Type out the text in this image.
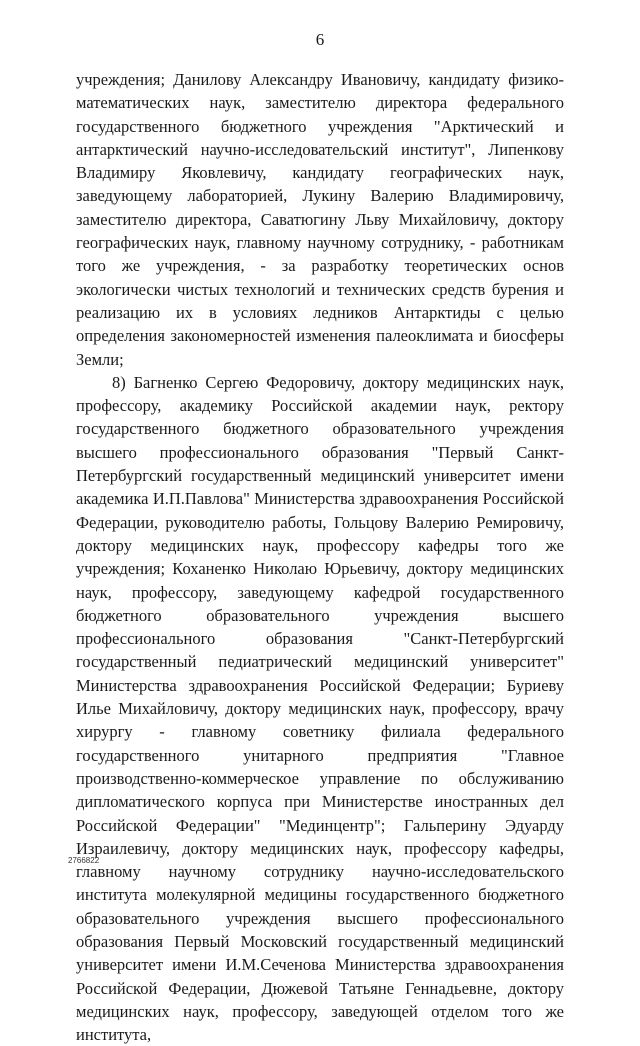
6

учреждения; Данилову Александру Ивановичу, кандидату физико-математических наук, заместителю директора федерального государственного бюджетного учреждения "Арктический и антарктический научно-исследовательский институт", Липенкову Владимиру Яковлевичу, кандидату географических наук, заведующему лабораторией, Лукину Валерию Владимировичу, заместителю директора, Саватюгину Льву Михайловичу, доктору географических наук, главному научному сотруднику, - работникам того же учреждения, - за разработку теоретических основ экологически чистых технологий и технических средств бурения и реализацию их в условиях ледников Антарктиды с целью определения закономерностей изменения палеоклимата и биосферы Земли;

8) Багненко Сергею Федоровичу, доктору медицинских наук, профессору, академику Российской академии наук, ректору государственного бюджетного образовательного учреждения высшего профессионального образования "Первый Санкт-Петербургский государственный медицинский университет имени академика И.П.Павлова" Министерства здравоохранения Российской Федерации, руководителю работы, Гольцову Валерию Ремировичу, доктору медицинских наук, профессору кафедры того же учреждения; Коханенко Николаю Юрьевичу, доктору медицинских наук, профессору, заведующему кафедрой государственного бюджетного образовательного учреждения высшего профессионального образования "Санкт-Петербургский государственный педиатрический медицинский университет" Министерства здравоохранения Российской Федерации; Буриеву Илье Михайловичу, доктору медицинских наук, профессору, врачу хирургу - главному советнику филиала федерального государственного унитарного предприятия "Главное производственно-коммерческое управление по обслуживанию дипломатического корпуса при Министерстве иностранных дел Российской Федерации" "Мединцентр"; Гальперину Эдуарду Израилевичу, доктору медицинских наук, профессору кафедры, главному научному сотруднику научно-исследовательского института молекулярной медицины государственного бюджетного образовательного учреждения высшего профессионального образования Первый Московский государственный медицинский университет имени И.М.Сеченова Министерства здравоохранения Российской Федерации, Дюжевой Татьяне Геннадьевне, доктору медицинских наук, профессору, заведующей отделом того же института,

2766822
